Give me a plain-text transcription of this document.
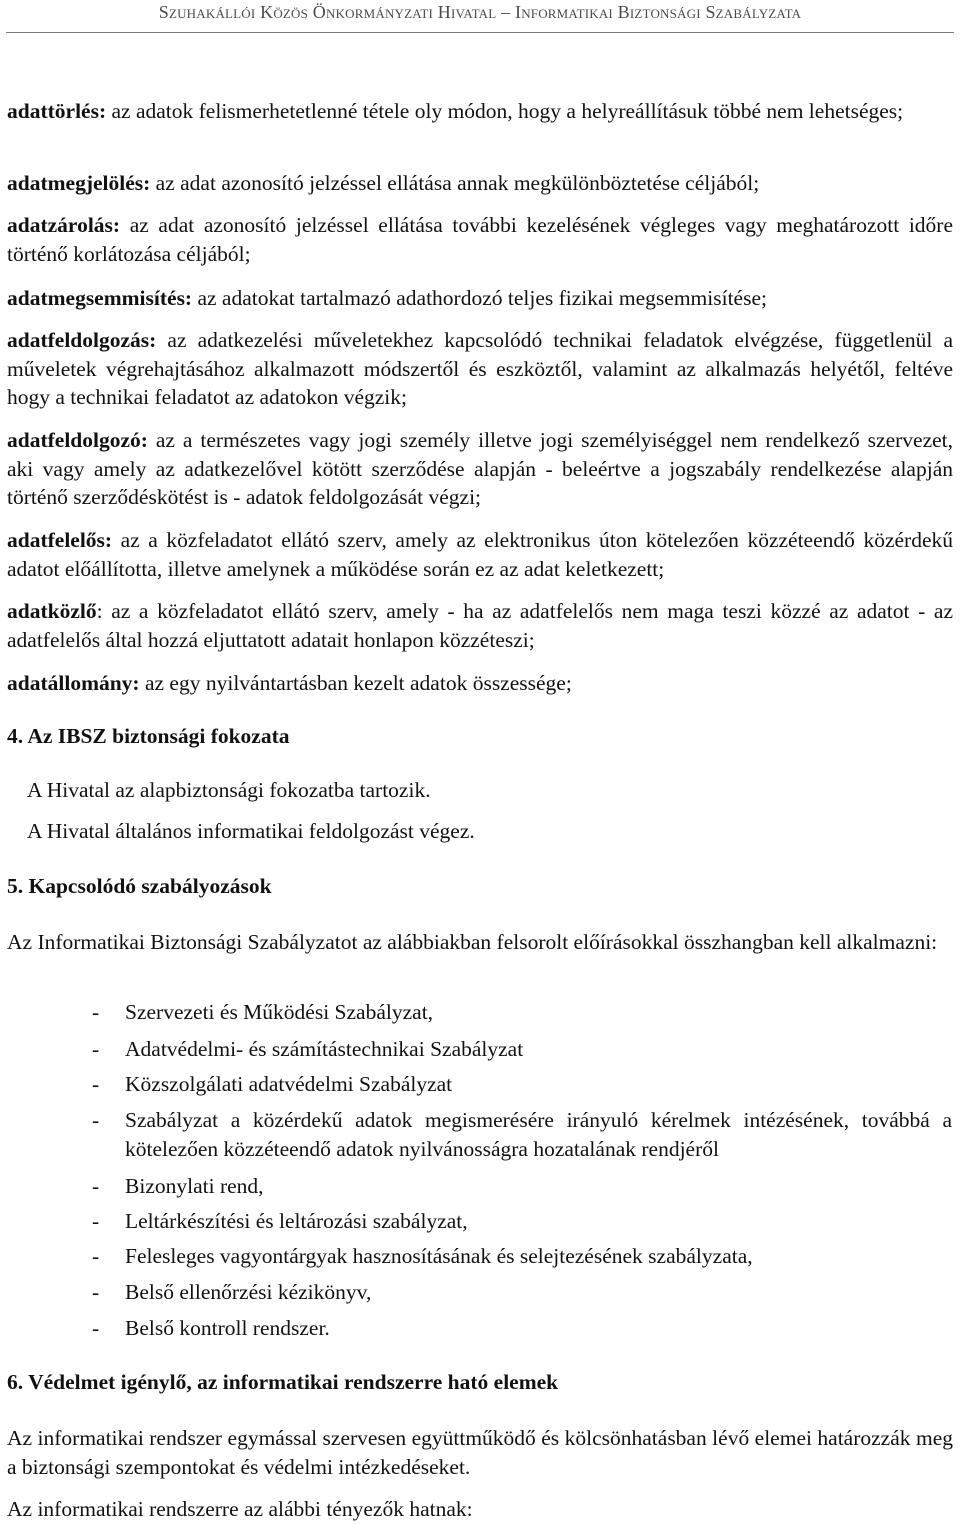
Szuhakállói Közös Önkormányzati Hivatal – Informatikai Biztonsági Szabályzata
adattörlés: az adatok felismerhetetlenné tétele oly módon, hogy a helyreállításuk többé nem lehetséges;
adatmegjelölés: az adat azonosító jelzéssel ellátása annak megkülönböztetése céljából;
adatzárolás: az adat azonosító jelzéssel ellátása további kezelésének végleges vagy meghatározott időre történő korlátozása céljából;
adatmegsemmisítés: az adatokat tartalmazó adathordozó teljes fizikai megsemmisítése;
adatfeldolgozás: az adatkezelési műveletekhez kapcsolódó technikai feladatok elvégzése, függetlenül a műveletek végrehajtásához alkalmazott módszertől és eszköztől, valamint az alkalmazás helyétől, feltéve hogy a technikai feladatot az adatokon végzik;
adatfeldolgozó: az a természetes vagy jogi személy illetve jogi személyiséggel nem rendelkező szervezet, aki vagy amely az adatkezelővel kötött szerződése alapján - beleértve a jogszabály rendelkezése alapján történő szerződéskötést is - adatok feldolgozását végzi;
adatfelelős: az a közfeladatot ellátó szerv, amely az elektronikus úton kötelezően közzéteendő közérdekű adatot előállította, illetve amelynek a működése során ez az adat keletkezett;
adatközlő: az a közfeladatot ellátó szerv, amely - ha az adatfelelős nem maga teszi közzé az adatot - az adatfelelős által hozzá eljuttatott adatait honlapon közzéteszi;
adatállomány: az egy nyilvántartásban kezelt adatok összessége;
4. Az IBSZ biztonsági fokozata
A Hivatal az alapbiztonsági fokozatba tartozik.
A Hivatal általános informatikai feldolgozást végez.
5. Kapcsolódó szabályozások
Az Informatikai Biztonsági Szabályzatot az alábbiakban felsorolt előírásokkal összhangban kell alkalmazni:
- Szervezeti és Működési Szabályzat,
- Adatvédelmi- és számítástechnikai Szabályzat
- Közszolgálati adatvédelmi Szabályzat
- Szabályzat a közérdekű adatok megismerésére irányuló kérelmek intézésének, továbbá a kötelezően közzéteendő adatok nyilvánosságra hozatalának rendjéről
- Bizonylati rend,
- Leltárkészítési és leltározási szabályzat,
- Felesleges vagyontárgyak hasznosításának és selejtezésének szabályzata,
- Belső ellenőrzési kézikönyv,
- Belső kontroll rendszer.
6. Védelmet igénylő, az informatikai rendszerre ható elemek
Az informatikai rendszer egymással szervesen együttműködő és kölcsönhatásban lévő elemei határozzák meg a biztonsági szempontokat és védelmi intézkedéseket.
Az informatikai rendszerre az alábbi tényezők hatnak:
